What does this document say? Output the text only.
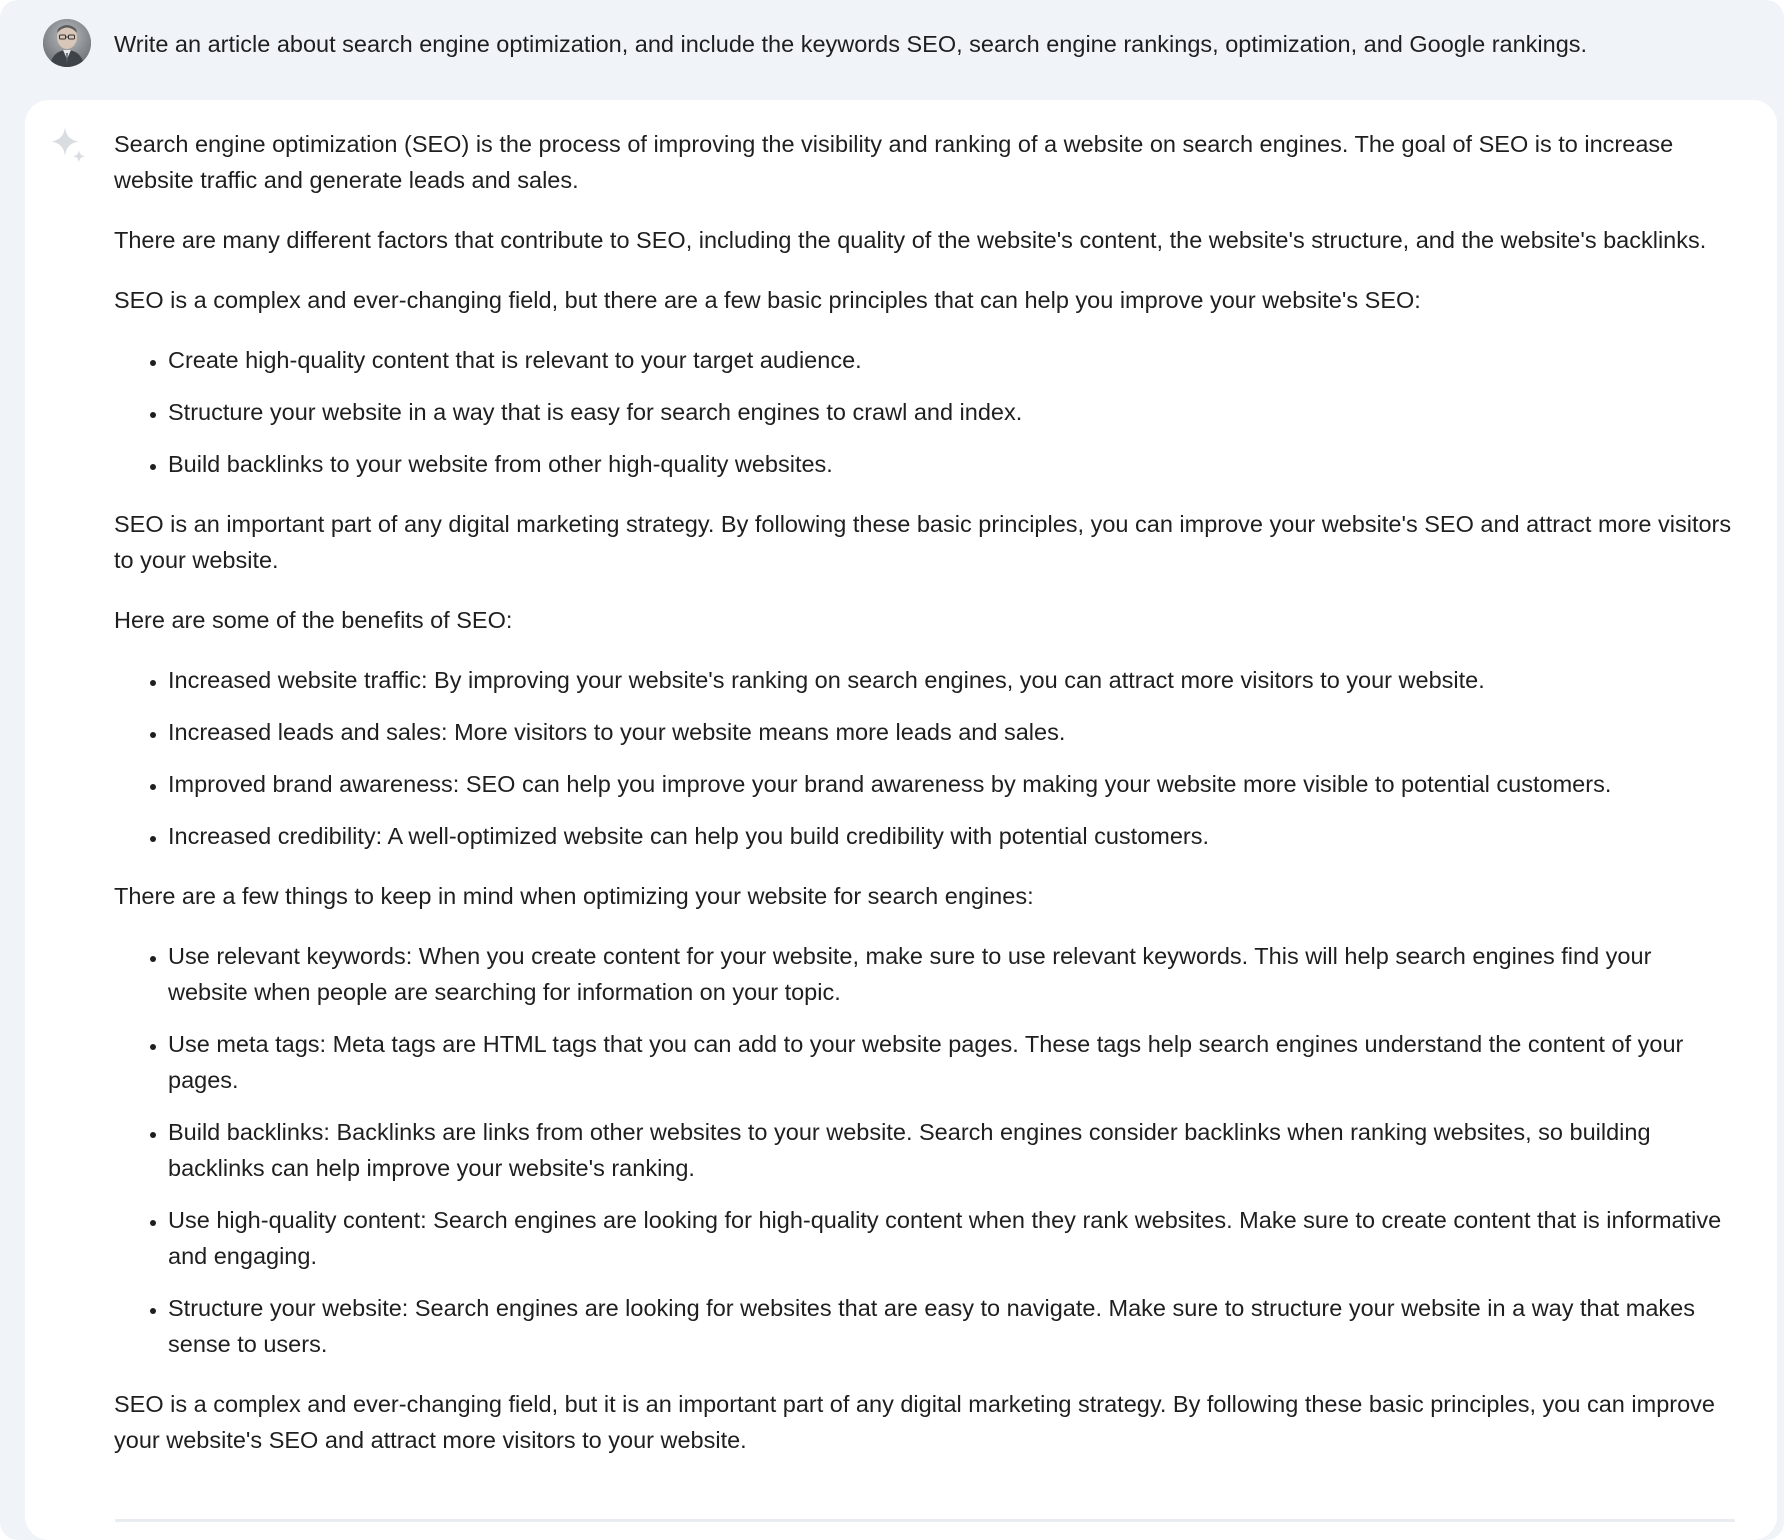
Write an article about search engine optimization, and include the keywords SEO, search engine rankings, optimization, and Google rankings.

Search engine optimization (SEO) is the process of improving the visibility and ranking of a website on search engines. The goal of SEO is to increase website traffic and generate leads and sales.

There are many different factors that contribute to SEO, including the quality of the website's content, the website's structure, and the website's backlinks.

SEO is a complex and ever-changing field, but there are a few basic principles that can help you improve your website's SEO:

• Create high-quality content that is relevant to your target audience.
• Structure your website in a way that is easy for search engines to crawl and index.
• Build backlinks to your website from other high-quality websites.

SEO is an important part of any digital marketing strategy. By following these basic principles, you can improve your website's SEO and attract more visitors to your website.

Here are some of the benefits of SEO:

• Increased website traffic: By improving your website's ranking on search engines, you can attract more visitors to your website.
• Increased leads and sales: More visitors to your website means more leads and sales.
• Improved brand awareness: SEO can help you improve your brand awareness by making your website more visible to potential customers.
• Increased credibility: A well-optimized website can help you build credibility with potential customers.

There are a few things to keep in mind when optimizing your website for search engines:

• Use relevant keywords: When you create content for your website, make sure to use relevant keywords. This will help search engines find your website when people are searching for information on your topic.
• Use meta tags: Meta tags are HTML tags that you can add to your website pages. These tags help search engines understand the content of your pages.
• Build backlinks: Backlinks are links from other websites to your website. Search engines consider backlinks when ranking websites, so building backlinks can help improve your website's ranking.
• Use high-quality content: Search engines are looking for high-quality content when they rank websites. Make sure to create content that is informative and engaging.
• Structure your website: Search engines are looking for websites that are easy to navigate. Make sure to structure your website in a way that makes sense to users.

SEO is a complex and ever-changing field, but it is an important part of any digital marketing strategy. By following these basic principles, you can improve your website's SEO and attract more visitors to your website.
